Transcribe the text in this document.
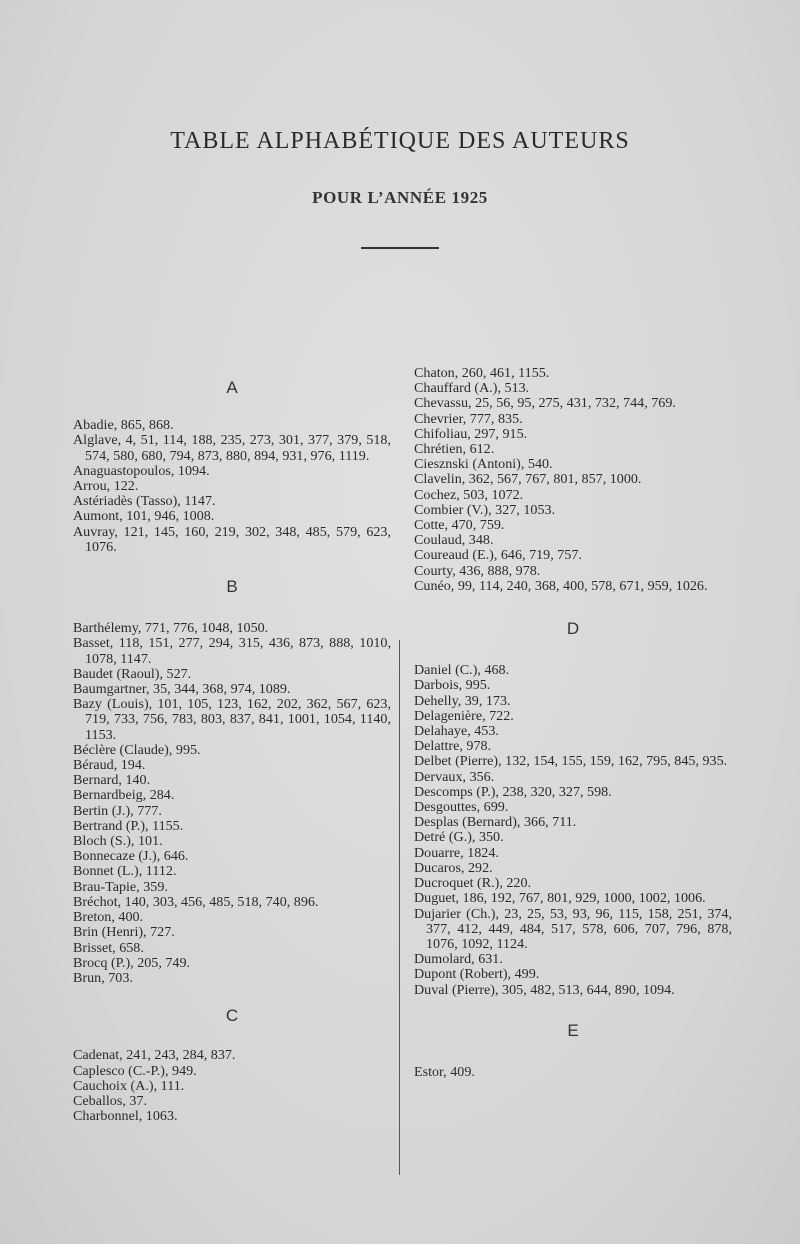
TABLE ALPHABÉTIQUE DES AUTEURS
POUR L’ANNÉE 1925
A
Abadie, 865, 868.
Alglave, 4, 51, 114, 188, 235, 273, 301, 377, 379, 518, 574, 580, 680, 794, 873, 880, 894, 931, 976, 1119.
Anaguastopoulos, 1094.
Arrou, 122.
Astériadès (Tasso), 1147.
Aumont, 101, 946, 1008.
Auvray, 121, 145, 160, 219, 302, 348, 485, 579, 623, 1076.
B
Barthélemy, 771, 776, 1048, 1050.
Basset, 118, 151, 277, 294, 315, 436, 873, 888, 1010, 1078, 1147.
Baudet (Raoul), 527.
Baumgartner, 35, 344, 368, 974, 1089.
Bazy (Louis), 101, 105, 123, 162, 202, 362, 567, 623, 719, 733, 756, 783, 803, 837, 841, 1001, 1054, 1140, 1153.
Béclère (Claude), 995.
Béraud, 194.
Bernard, 140.
Bernardbeig, 284.
Bertin (J.), 777.
Bertrand (P.), 1155.
Bloch (S.), 101.
Bonnecaze (J.), 646.
Bonnet (L.), 1112.
Brau-Tapie, 359.
Bréchot, 140, 303, 456, 485, 518, 740, 896.
Breton, 400.
Brin (Henri), 727.
Brisset, 658.
Brocq (P.), 205, 749.
Brun, 703.
C
Cadenat, 241, 243, 284, 837.
Caplesco (C.-P.), 949.
Cauchoix (A.), 111.
Ceballos, 37.
Charbonnel, 1063.
Chaton, 260, 461, 1155.
Chauffard (A.), 513.
Chevassu, 25, 56, 95, 275, 431, 732, 744, 769.
Chevrier, 777, 835.
Chifoliau, 297, 915.
Chrétien, 612.
Ciesznski (Antoni), 540.
Clavelin, 362, 567, 767, 801, 857, 1000.
Cochez, 503, 1072.
Combier (V.), 327, 1053.
Cotte, 470, 759.
Coulaud, 348.
Coureaud (E.), 646, 719, 757.
Courty, 436, 888, 978.
Cunéo, 99, 114, 240, 368, 400, 578, 671, 959, 1026.
D
Daniel (C.), 468.
Darbois, 995.
Dehelly, 39, 173.
Delagenière, 722.
Delahaye, 453.
Delattre, 978.
Delbet (Pierre), 132, 154, 155, 159, 162, 795, 845, 935.
Dervaux, 356.
Descomps (P.), 238, 320, 327, 598.
Desgouttes, 699.
Desplas (Bernard), 366, 711.
Detré (G.), 350.
Douarre, 1824.
Ducaros, 292.
Ducroquet (R.), 220.
Duguet, 186, 192, 767, 801, 929, 1000, 1002, 1006.
Dujarier (Ch.), 23, 25, 53, 93, 96, 115, 158, 251, 374, 377, 412, 449, 484, 517, 578, 606, 707, 796, 878, 1076, 1092, 1124.
Dumolard, 631.
Dupont (Robert), 499.
Duval (Pierre), 305, 482, 513, 644, 890, 1094.
E
Estor, 409.
